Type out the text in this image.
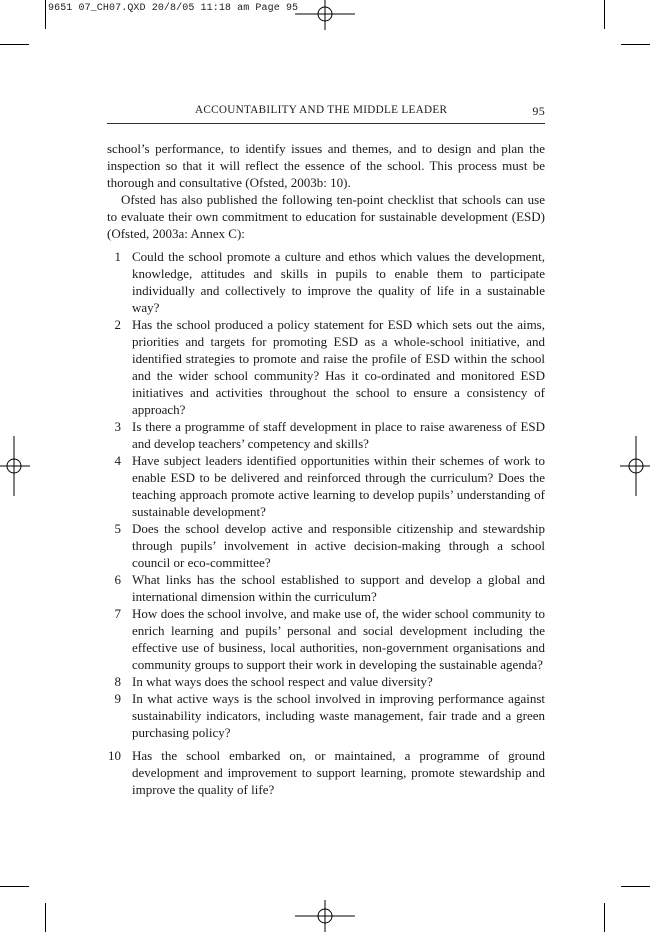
9651 07_CH07.QXD 20/8/05 11:18 am Page 95
ACCOUNTABILITY AND THE MIDDLE LEADER	95

school’s performance, to identify issues and themes, and to design and plan the inspection so that it will reflect the essence of the school. This process must be thorough and consultative (Ofsted, 2003b: 10).

Ofsted has also published the following ten-point checklist that schools can use to evaluate their own commitment to education for sustainable development (ESD) (Ofsted, 2003a: Annex C):

1 Could the school promote a culture and ethos which values the development, knowledge, attitudes and skills in pupils to enable them to participate individually and collectively to improve the quality of life in a sustainable way?
2 Has the school produced a policy statement for ESD which sets out the aims, priorities and targets for promoting ESD as a whole-school initiative, and identified strategies to promote and raise the profile of ESD within the school and the wider school community? Has it co-ordinated and monitored ESD initiatives and activities throughout the school to ensure a consistency of approach?
3 Is there a programme of staff development in place to raise awareness of ESD and develop teachers’ competency and skills?
4 Have subject leaders identified opportunities within their schemes of work to enable ESD to be delivered and reinforced through the curriculum? Does the teaching approach promote active learning to develop pupils’ understanding of sustainable development?
5 Does the school develop active and responsible citizenship and stewardship through pupils’ involvement in active decision-making through a school council or eco-committee?
6 What links has the school established to support and develop a global and international dimension within the curriculum?
7 How does the school involve, and make use of, the wider school community to enrich learning and pupils’ personal and social development including the effective use of business, local authorities, non-government organisations and community groups to support their work in developing the sustainable agenda?
8 In what ways does the school respect and value diversity?
9 In what active ways is the school involved in improving performance against sustainability indicators, including waste management, fair trade and a green purchasing policy?
10 Has the school embarked on, or maintained, a programme of ground development and improvement to support learning, promote stewardship and improve the quality of life?
